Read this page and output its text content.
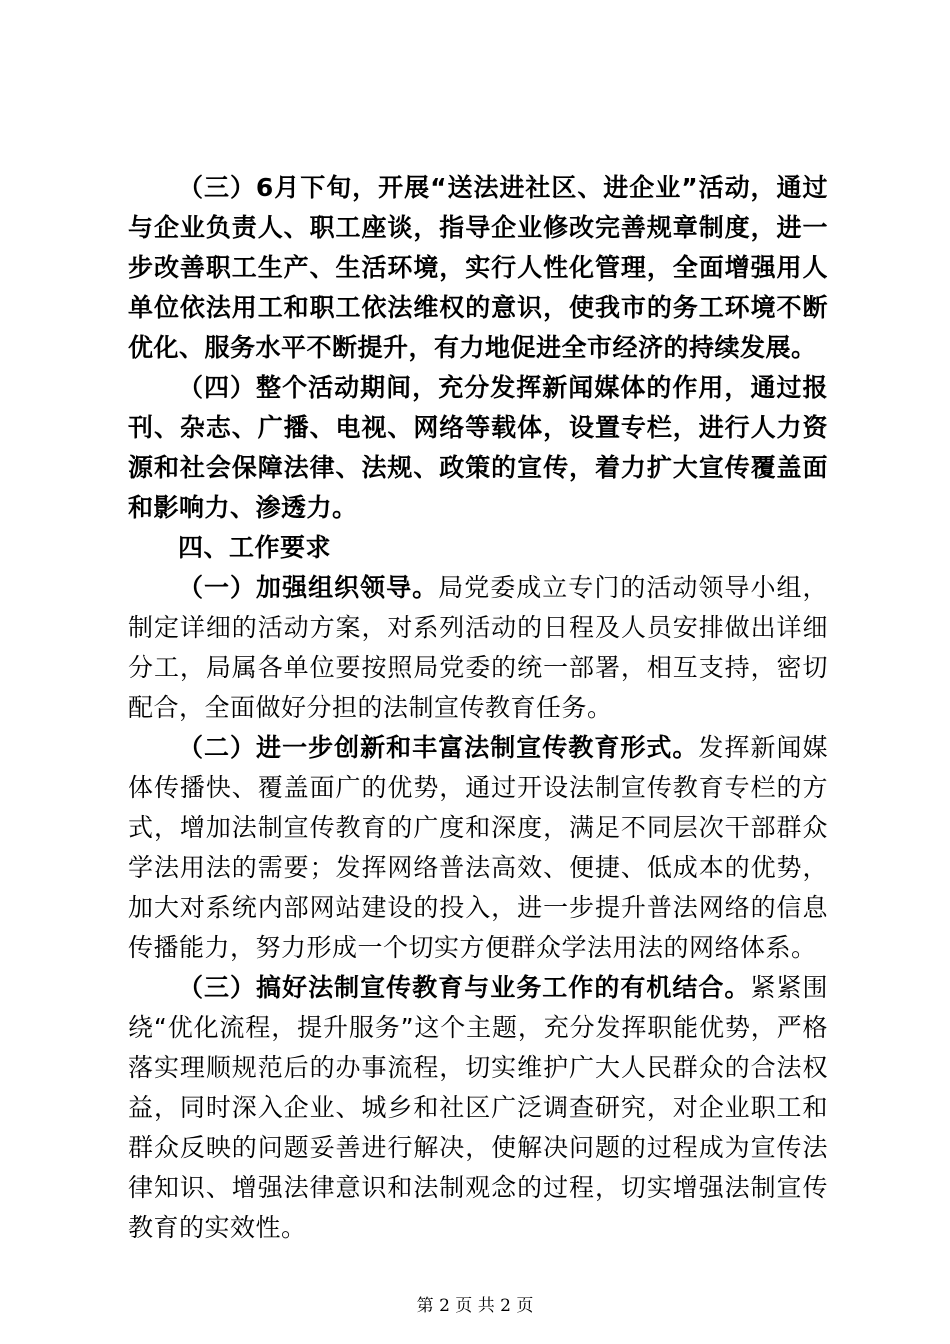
（三）6月下旬，开展“送法进社区、进企业”活动，通过与企业负责人、职工座谈，指导企业修改完善规章制度，进一步改善职工生产、生活环境，实行人性化管理，全面增强用人单位依法用工和职工依法维权的意识，使我市的务工环境不断优化、服务水平不断提升，有力地促进全市经济的持续发展。

（四）整个活动期间，充分发挥新闻媒体的作用，通过报刊、杂志、广播、电视、网络等载体，设置专栏，进行人力资源和社会保障法律、法规、政策的宣传，着力扩大宣传覆盖面和影响力、渗透力。

四、工作要求

（一）加强组织领导。局党委成立专门的活动领导小组，制定详细的活动方案，对系列活动的日程及人员安排做出详细分工，局属各单位要按照局党委的统一部署，相互支持，密切配合，全面做好分担的法制宣传教育任务。

（二）进一步创新和丰富法制宣传教育形式。发挥新闻媒体传播快、覆盖面广的优势，通过开设法制宣传教育专栏的方式，增加法制宣传教育的广度和深度，满足不同层次干部群众学法用法的需要；发挥网络普法高效、便捷、低成本的优势，加大对系统内部网站建设的投入，进一步提升普法网络的信息传播能力，努力形成一个切实方便群众学法用法的网络体系。

（三）搞好法制宣传教育与业务工作的有机结合。紧紧围绕“优化流程，提升服务”这个主题，充分发挥职能优势，严格落实理顺规范后的办事流程，切实维护广大人民群众的合法权益，同时深入企业、城乡和社区广泛调查研究，对企业职工和群众反映的问题妥善进行解决，使解决问题的过程成为宣传法律知识、增强法律意识和法制观念的过程，切实增强法制宣传教育的实效性。

第 2 页 共 2 页
